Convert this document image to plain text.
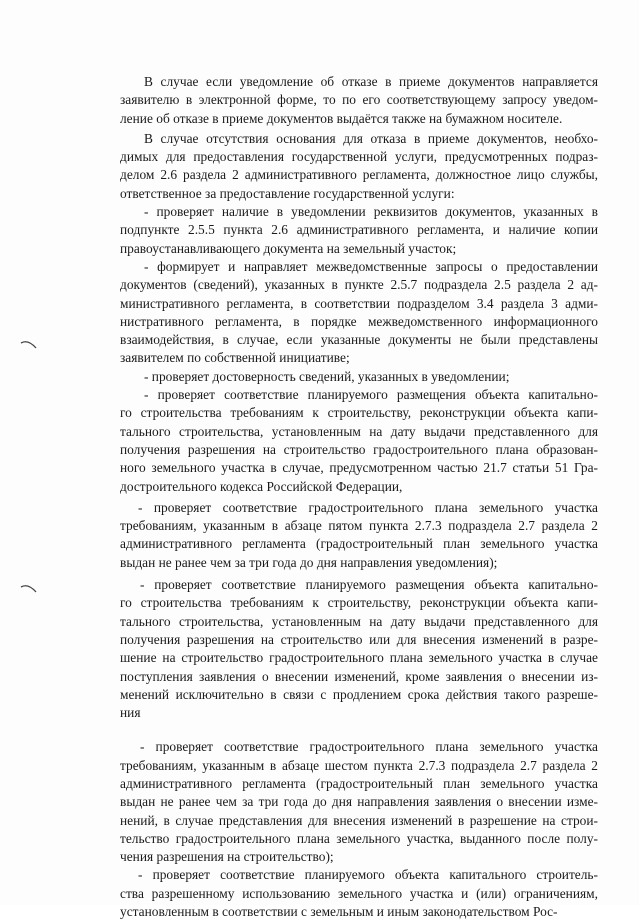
В случае если уведомление об отказе в приеме документов направляется
заявителю в электронной форме, то по его соответствующему запросу уведом-
ление об отказе в приеме документов выдаётся также на бумажном носителе.
В случае отсутствия основания для отказа в приеме документов, необхо-
димых для предоставления государственной услуги, предусмотренных подраз-
делом 2.6 раздела 2 административного регламента, должностное лицо службы,
ответственное за предоставление государственной услуги:
- проверяет наличие в уведомлении реквизитов документов, указанных в
подпункте 2.5.5 пункта 2.6 административного регламента, и наличие копии
правоустанавливающего документа на земельный участок;
- формирует и направляет межведомственные запросы о предоставлении
документов (сведений), указанных в пункте 2.5.7 подраздела 2.5 раздела 2 ад-
министративного регламента, в соответствии подразделом 3.4 раздела 3 адми-
нистративного регламента, в порядке межведомственного информационного
взаимодействия, в случае, если указанные документы не были представлены
заявителем по собственной инициативе;
- проверяет достоверность сведений, указанных в уведомлении;
- проверяет соответствие планируемого размещения объекта капитально-
го строительства требованиям к строительству, реконструкции объекта капи-
тального строительства, установленным на дату выдачи представленного для
получения разрешения на строительство градостроительного плана образован-
ного земельного участка в случае, предусмотренном частью 21.7 статьи 51 Гра-
достроительного кодекса Российской Федерации,
- проверяет соответствие градостроительного плана земельного участка
требованиям, указанным в абзаце пятом пункта 2.7.3 подраздела 2.7 раздела 2
административного регламента (градостроительный план земельного участка
выдан не ранее чем за три года до дня направления уведомления);
- проверяет соответствие планируемого размещения объекта капитально-
го строительства требованиям к строительству, реконструкции объекта капи-
тального строительства, установленным на дату выдачи представленного для
получения разрешения на строительство или для внесения изменений в разре-
шение на строительство градостроительного плана земельного участка в случае
поступления заявления о внесении изменений, кроме заявления о внесении из-
менений исключительно в связи с продлением срока действия такого разреше-
ния
- проверяет соответствие градостроительного плана земельного участка
требованиям, указанным в абзаце шестом пункта 2.7.3 подраздела 2.7 раздела 2
административного регламента (градостроительный план земельного участка
выдан не ранее чем за три года до дня направления заявления о внесении изме-
нений, в случае представления для внесения изменений в разрешение на строи-
тельство градостроительного плана земельного участка, выданного после полу-
чения разрешения на строительство);
- проверяет соответствие планируемого объекта капитального строитель-
ства разрешенному использованию земельного участка и (или) ограничениям,
установленным в соответствии с земельным и иным законодательством Рос-
